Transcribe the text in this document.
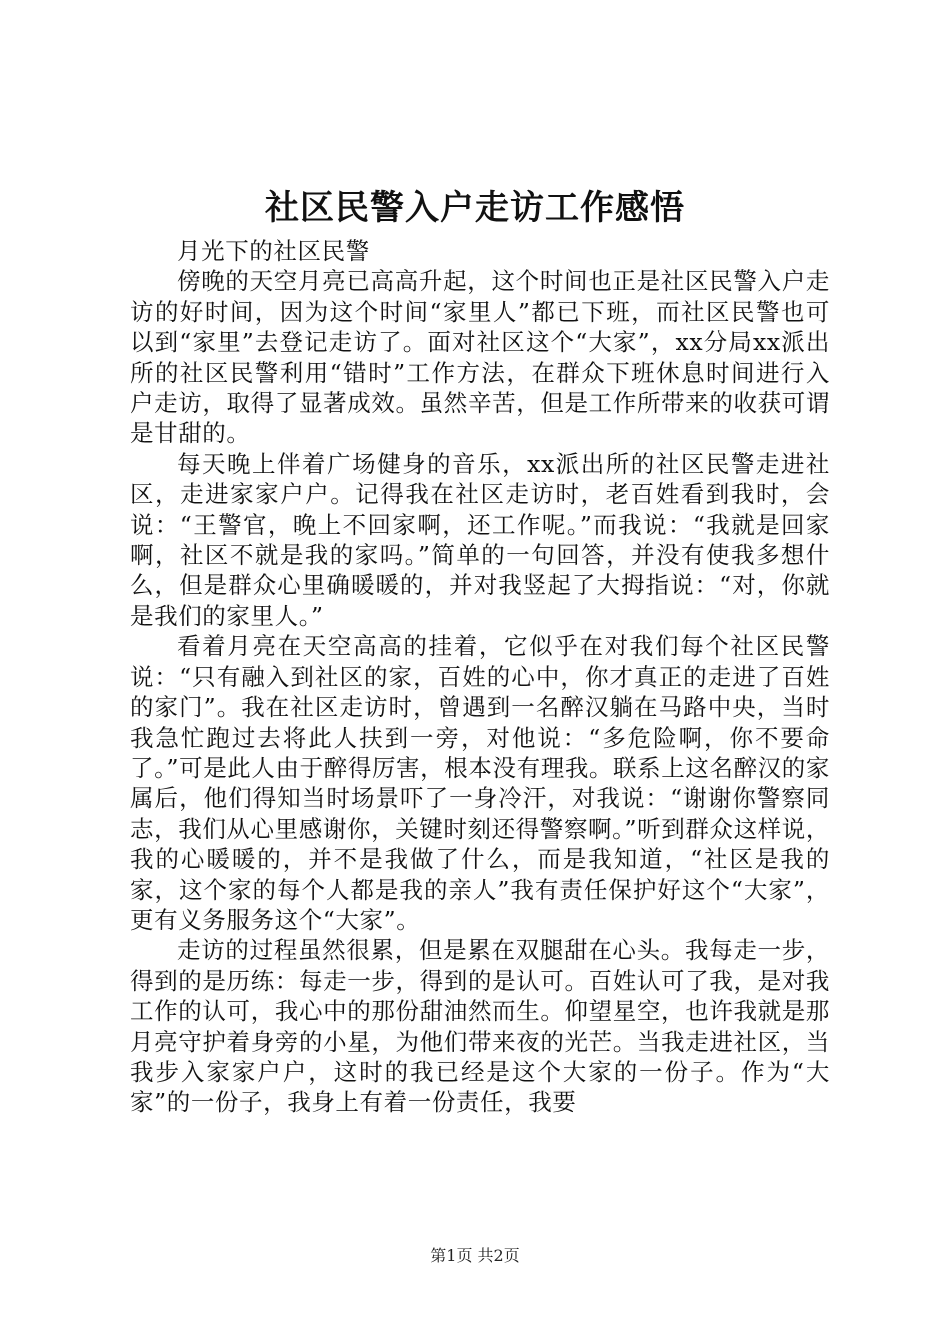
社区民警入户走访工作感悟

月光下的社区民警

傍晚的天空月亮已高高升起，这个时间也正是社区民警入户走访的好时间，因为这个时间“家里人”都已下班，而社区民警也可以到“家里”去登记走访了。面对社区这个“大家”，xx分局xx派出所的社区民警利用“错时”工作方法，在群众下班休息时间进行入户走访，取得了显著成效。虽然辛苦，但是工作所带来的收获可谓是甘甜的。

每天晚上伴着广场健身的音乐，xx派出所的社区民警走进社区，走进家家户户。记得我在社区走访时，老百姓看到我时，会说：“王警官，晚上不回家啊，还工作呢。”而我说：“我就是回家啊，社区不就是我的家吗。”简单的一句回答，并没有使我多想什么，但是群众心里确暖暖的，并对我竖起了大拇指说：“对，你就是我们的家里人。”

看着月亮在天空高高的挂着，它似乎在对我们每个社区民警说：“只有融入到社区的家，百姓的心中，你才真正的走进了百姓的家门”。我在社区走访时，曾遇到一名醉汉躺在马路中央，当时我急忙跑过去将此人扶到一旁，对他说：“多危险啊，你不要命了。”可是此人由于醉得厉害，根本没有理我。联系上这名醉汉的家属后，他们得知当时场景吓了一身冷汗，对我说：“谢谢你警察同志，我们从心里感谢你，关键时刻还得警察啊。”听到群众这样说，我的心暖暖的，并不是我做了什么，而是我知道，“社区是我的家，这个家的每个人都是我的亲人”我有责任保护好这个“大家”，更有义务服务这个“大家”。

走访的过程虽然很累，但是累在双腿甜在心头。我每走一步，得到的是历练：每走一步，得到的是认可。百姓认可了我，是对我工作的认可，我心中的那份甜油然而生。仰望星空，也许我就是那月亮守护着身旁的小星，为他们带来夜的光芒。当我走进社区，当我步入家家户户，这时的我已经是这个大家的一份子。作为“大家”的一份子，我身上有着一份责任，我要

第1页 共2页
